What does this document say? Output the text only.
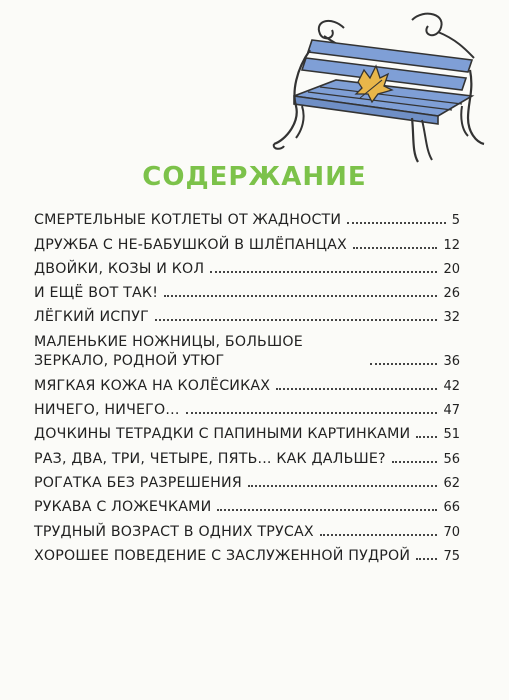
СОДЕРЖАНИЕ
СМЕРТЕЛЬНЫЕ КОТЛЕТЫ ОТ ЖАДНОСТИ	5
ДРУЖБА С НЕ-БАБУШКОЙ В ШЛЁПАНЦАХ	12
ДВОЙКИ, КОЗЫ И КОЛ	20
И ЕЩЁ ВОТ ТАК!	26
ЛЁГКИЙ ИСПУГ	32
МАЛЕНЬКИЕ НОЖНИЦЫ, БОЛЬШОЕ ЗЕРКАЛО, РОДНОЙ УТЮГ	36
МЯГКАЯ КОЖА НА КОЛЁСИКАХ	42
НИЧЕГО, НИЧЕГО...	47
ДОЧКИНЫ ТЕТРАДКИ С ПАПИНЫМИ КАРТИНКАМИ	51
РАЗ, ДВА, ТРИ, ЧЕТЫРЕ, ПЯТЬ... КАК ДАЛЬШЕ?	56
РОГАТКА БЕЗ РАЗРЕШЕНИЯ	62
РУКАВА С ЛОЖЕЧКАМИ	66
ТРУДНЫЙ ВОЗРАСТ В ОДНИХ ТРУСАХ	70
ХОРОШЕЕ ПОВЕДЕНИЕ С ЗАСЛУЖЕННОЙ ПУДРОЙ	75
